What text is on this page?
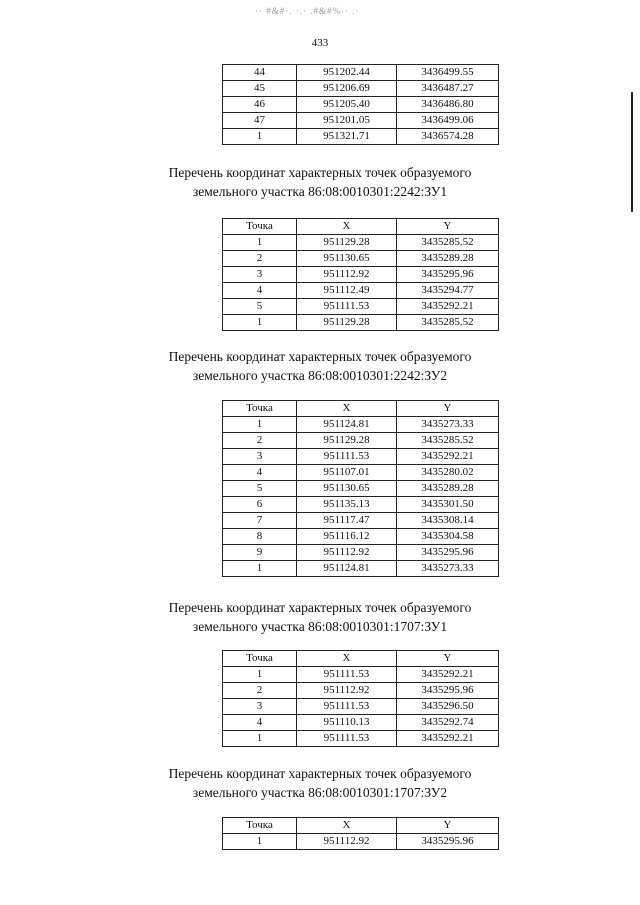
·· #&#·. ·.· .#&#%·· .·
433
44	951202.44	3436499.55
45	951206.69	3436487.27
46	951205.40	3436486.80
47	951201.05	3436499.06
1	951321.71	3436574.28
Перечень координат характерных точек образуемого
земельного участка 86:08:0010301:2242:ЗУ1
Точка	X	Y
1	951129.28	3435285.52
2	951130.65	3435289.28
3	951112.92	3435295.96
4	951112.49	3435294.77
5	951111.53	3435292.21
1	951129.28	3435285.52
Перечень координат характерных точек образуемого
земельного участка 86:08:0010301:2242:ЗУ2
Точка	X	Y
1	951124.81	3435273.33
2	951129.28	3435285.52
3	951111.53	3435292.21
4	951107.01	3435280.02
5	951130.65	3435289.28
6	951135.13	3435301.50
7	951117.47	3435308.14
8	951116.12	3435304.58
9	951112.92	3435295.96
1	951124.81	3435273.33
Перечень координат характерных точек образуемого
земельного участка 86:08:0010301:1707:ЗУ1
Точка	X	Y
1	951111.53	3435292.21
2	951112.92	3435295.96
3	951111.53	3435296.50
4	951110.13	3435292.74
1	951111.53	3435292.21
Перечень координат характерных точек образуемого
земельного участка 86:08:0010301:1707:ЗУ2
Точка	X	Y
1	951112.92	3435295.96
